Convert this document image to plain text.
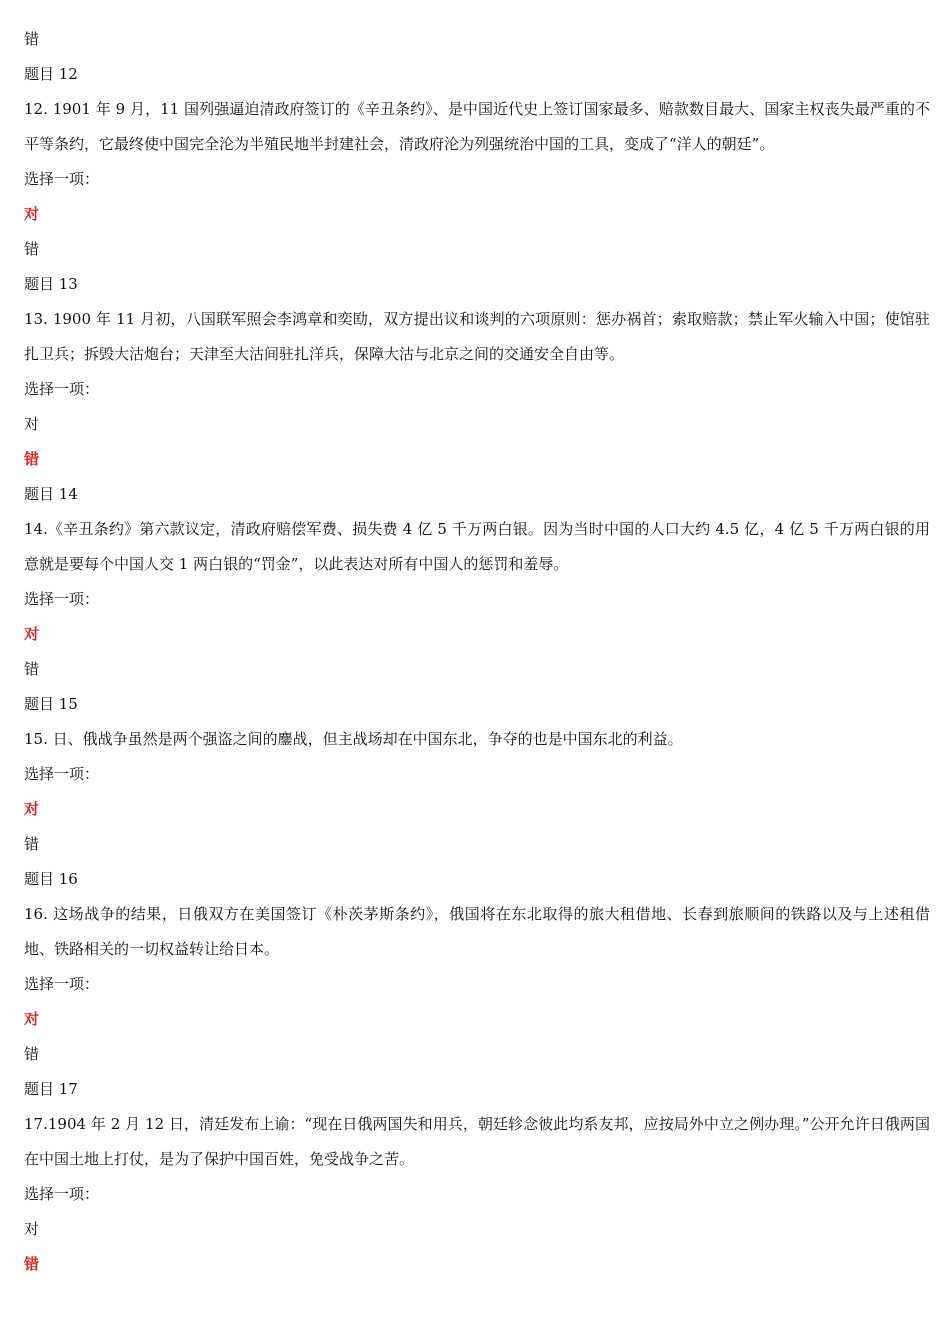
错
题目 12
12. 1901 年 9 月，11 国列强逼迫清政府签订的《辛丑条约》、是中国近代史上签订国家最多、赔款数目最大、国家主权丧失最严重的不平等条约，它最终使中国完全沦为半殖民地半封建社会，清政府沦为列强统治中国的工具，变成了“洋人的朝廷”。
选择一项：
对
错
题目 13
13. 1900 年 11 月初，八国联军照会李鸿章和奕劻，双方提出议和谈判的六项原则：惩办祸首；索取赔款；禁止军火输入中国；使馆驻扎卫兵；拆毁大沽炮台；天津至大沽间驻扎洋兵，保障大沽与北京之间的交通安全自由等。
选择一项：
对
错
题目 14
14.《辛丑条约》第六款议定，清政府赔偿军费、损失费 4 亿 5 千万两白银。因为当时中国的人口大约 4.5 亿，4 亿 5 千万两白银的用意就是要每个中国人交 1 两白银的“罚金”，以此表达对所有中国人的惩罚和羞辱。
选择一项：
对
错
题目 15
15. 日、俄战争虽然是两个强盗之间的鏖战，但主战场却在中国东北，争夺的也是中国东北的利益。
选择一项：
对
错
题目 16
16. 这场战争的结果，日俄双方在美国签订《朴茨茅斯条约》，俄国将在东北取得的旅大租借地、长春到旅顺间的铁路以及与上述租借地、铁路相关的一切权益转让给日本。
选择一项：
对
错
题目 17
17.1904 年 2 月 12 日，清廷发布上谕：“现在日俄两国失和用兵，朝廷轸念彼此均系友邦，应按局外中立之例办理。”公开允许日俄两国在中国土地上打仗，是为了保护中国百姓，免受战争之苦。
选择一项：
对
错
